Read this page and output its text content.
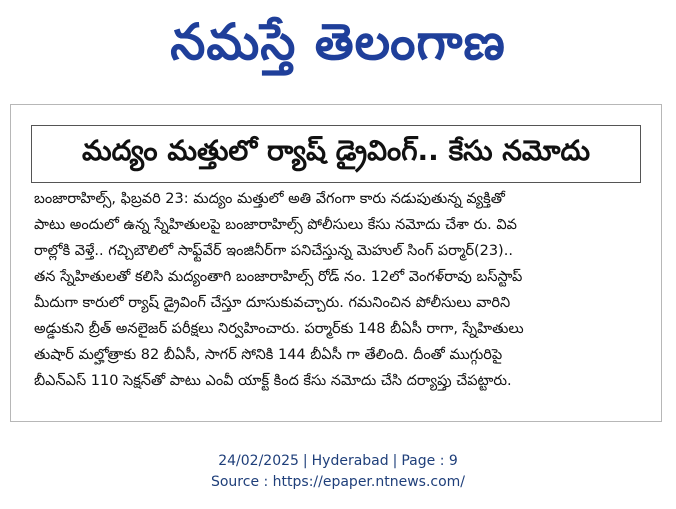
నమస్తే తెలంగాణ
మద్యం మత్తులో ర్యాష్ డ్రైవింగ్.. కేసు నమోదు

బంజారాహిల్స్, ఫిబ్రవరి 23: మద్యం మత్తులో అతి వేగంగా కారు నడుపుతున్న వ్యక్తితో
పాటు అందులో ఉన్న స్నేహితులపై బంజారాహిల్స్ పోలీసులు కేసు నమోదు చేశా రు. వివ
రాల్లోకి వెళ్తే.. గచ్చిబౌలిలో సాఫ్ట్‌వేర్ ఇంజినీర్‌గా పనిచేస్తున్న మెహుల్ సింగ్ పర్మార్(23)..
తన స్నేహితులతో కలిసి మద్యంతాగి బంజారాహిల్స్ రోడ్ నం. 12లో వెంగళ్‌రావు బస్‌స్టాప్
మీదుగా కారులో ర్యాష్ డ్రైవింగ్ చేస్తూ దూసుకువచ్చారు. గమనించిన పోలీసులు వారిని
అడ్డుకుని బ్రీత్ అనలైజర్ పరీక్షలు నిర్వహించారు. పర్మార్‌కు 148 బీఏసీ రాగా, స్నేహితులు
తుషార్ మల్హోత్రాకు 82 బీఏసీ, సాగర్ సోనికి 144 బీఏసీ గా తేలింది. దీంతో ముగ్గురిపై
బీఎన్ఎస్ 110 సెక్షన్‌తో పాటు ఎంవీ యాక్ట్ కింద కేసు నమోదు చేసి దర్యాప్తు చేపట్టారు.

24/02/2025 | Hyderabad | Page : 9
Source : https://epaper.ntnews.com/
